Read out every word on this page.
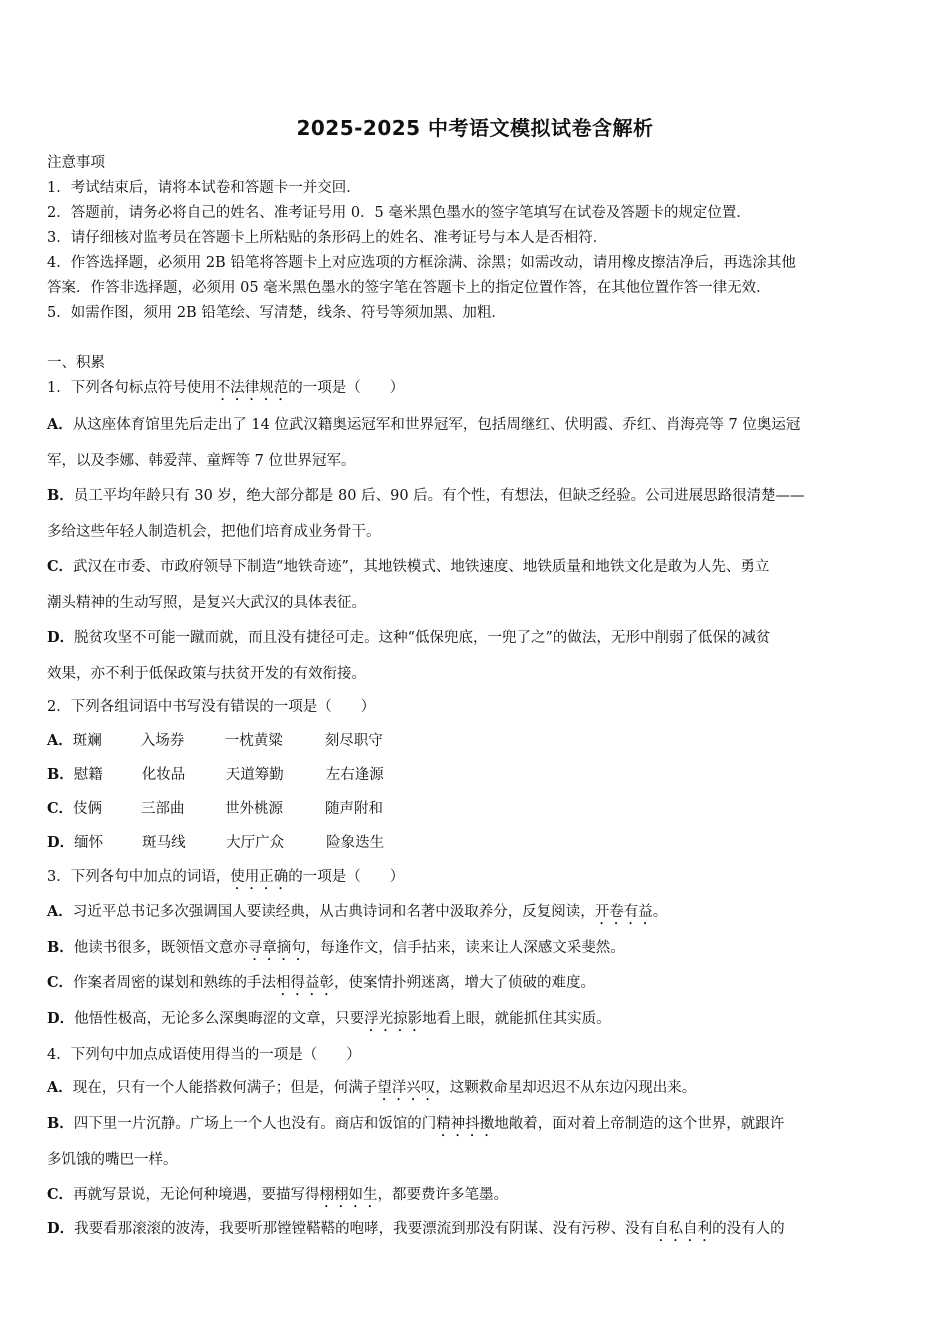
2025-2025 中考语文模拟试卷含解析
注意事项
1．考试结束后，请将本试卷和答题卡一并交回．
2．答题前，请务必将自己的姓名、准考证号用 0．5 毫米黑色墨水的签字笔填写在试卷及答题卡的规定位置．
3．请仔细核对监考员在答题卡上所粘贴的条形码上的姓名、准考证号与本人是否相符．
4．作答选择题，必须用 2B 铅笔将答题卡上对应选项的方框涂满、涂黑；如需改动，请用橡皮擦洁净后，再选涂其他
答案．作答非选择题，必须用 05 毫米黑色墨水的签字笔在答题卡上的指定位置作答，在其他位置作答一律无效．
5．如需作图，须用 2B 铅笔绘、写清楚，线条、符号等须加黑、加粗．
一、积累
1．下列各句标点符号使用不法律规范的一项是（　　）
A．从这座体育馆里先后走出了 14 位武汉籍奥运冠军和世界冠军，包括周继红、伏明霞、乔红、肖海亮等 7 位奥运冠
军，以及李娜、韩爱萍、童辉等 7 位世界冠军。
B．员工平均年龄只有 30 岁，绝大部分都是 80 后、90 后。有个性，有想法，但缺乏经验。公司进展思路很清楚——
多给这些年轻人制造机会，把他们培育成业务骨干。
C．武汉在市委、市政府领导下制造“地铁奇迹”，其地铁模式、地铁速度、地铁质量和地铁文化是敢为人先、勇立
潮头精神的生动写照，是复兴大武汉的具体表征。
D．脱贫攻坚不可能一蹴而就，而且没有捷径可走。这种“低保兜底，一兜了之”的做法，无形中削弱了低保的减贫
效果，亦不利于低保政策与扶贫开发的有效衔接。
2．下列各组词语中书写没有错误的一项是（　　）
A．斑斓	入场券	一枕黄粱	刻尽职守
B．慰籍	化妆品	天道筹勤	左右逢源
C．伎俩	三部曲	世外桃源	随声附和
D．缅怀	斑马线	大厅广众	险象迭生
3．下列各句中加点的词语，使用正确的一项是（　　）
A．习近平总书记多次强调国人要读经典，从古典诗词和名著中汲取养分，反复阅读，开卷有益。
B．他读书很多，既领悟文意亦寻章摘句，每逢作文，信手拈来，读来让人深感文采斐然。
C．作案者周密的谋划和熟练的手法相得益彰，使案情扑朔迷离，增大了侦破的难度。
D．他悟性极高，无论多么深奥晦涩的文章，只要浮光掠影地看上眼，就能抓住其实质。
4．下列句中加点成语使用得当的一项是（　　）
A．现在，只有一个人能搭救何满子；但是，何满子望洋兴叹，这颗救命星却迟迟不从东边闪现出来。
B．四下里一片沉静。广场上一个人也没有。商店和饭馆的门精神抖擞地敞着，面对着上帝制造的这个世界，就跟许
多饥饿的嘴巴一样。
C．再就写景说，无论何种境遇，要描写得栩栩如生，都要费许多笔墨。
D．我要看那滚滚的波涛，我要听那镗镗鞳鞳的咆哮，我要漂流到那没有阴谋、没有污秽、没有自私自利的没有人的
